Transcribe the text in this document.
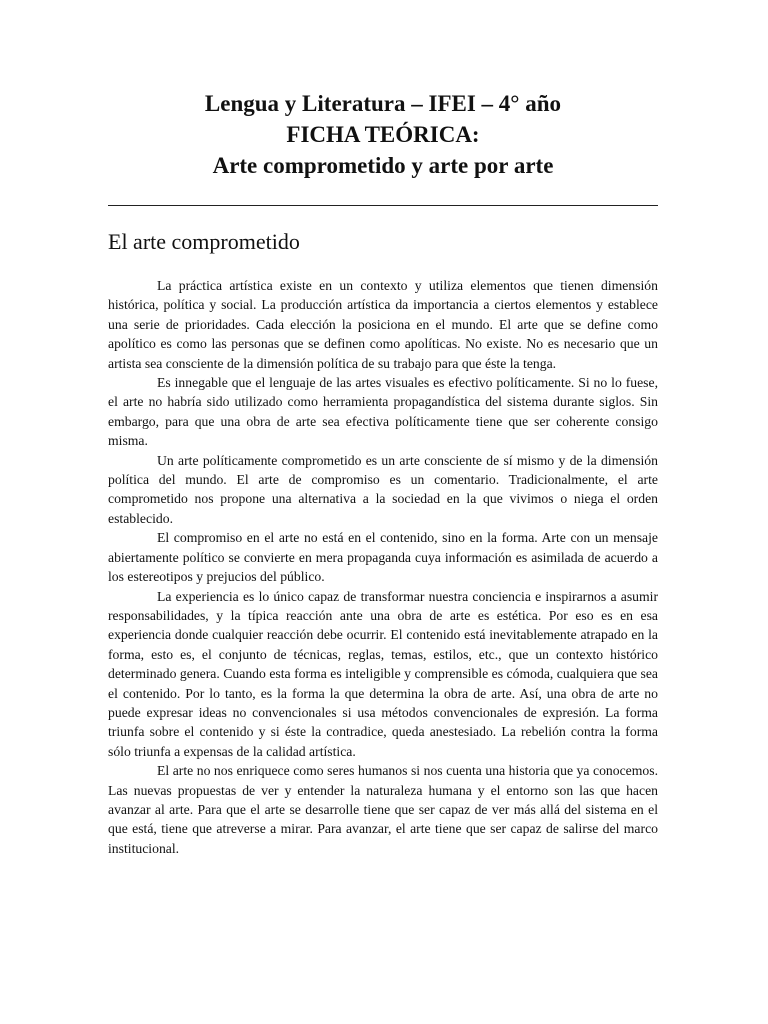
Lengua y Literatura – IFEI – 4° año
FICHA TEÓRICA:
Arte comprometido y arte por arte
El arte comprometido

La práctica artística existe en un contexto y utiliza elementos que tienen dimensión histórica, política y social. La producción artística da importancia a ciertos elementos y establece una serie de prioridades. Cada elección la posiciona en el mundo. El arte que se define como apolítico es como las personas que se definen como apolíticas. No existe. No es necesario que un artista sea consciente de la dimensión política de su trabajo para que éste la tenga.

Es innegable que el lenguaje de las artes visuales es efectivo políticamente. Si no lo fuese, el arte no habría sido utilizado como herramienta propagandística del sistema durante siglos. Sin embargo, para que una obra de arte sea efectiva políticamente tiene que ser coherente consigo misma.

Un arte políticamente comprometido es un arte consciente de sí mismo y de la dimensión política del mundo. El arte de compromiso es un comentario. Tradicionalmente, el arte comprometido nos propone una alternativa a la sociedad en la que vivimos o niega el orden establecido.

El compromiso en el arte no está en el contenido, sino en la forma. Arte con un mensaje abiertamente político se convierte en mera propaganda cuya información es asimilada de acuerdo a los estereotipos y prejucios del público.

La experiencia es lo único capaz de transformar nuestra conciencia e inspirarnos a asumir responsabilidades, y la típica reacción ante una obra de arte es estética. Por eso es en esa experiencia donde cualquier reacción debe ocurrir. El contenido está inevitablemente atrapado en la forma, esto es, el conjunto de técnicas, reglas, temas, estilos, etc., que un contexto histórico determinado genera. Cuando esta forma es inteligible y comprensible es cómoda, cualquiera que sea el contenido. Por lo tanto, es la forma la que determina la obra de arte. Así, una obra de arte no puede expresar ideas no convencionales si usa métodos convencionales de expresión. La forma triunfa sobre el contenido y si éste la contradice, queda anestesiado. La rebelión contra la forma sólo triunfa a expensas de la calidad artística.

El arte no nos enriquece como seres humanos si nos cuenta una historia que ya conocemos. Las nuevas propuestas de ver y entender la naturaleza humana y el entorno son las que hacen avanzar al arte. Para que el arte se desarrolle tiene que ser capaz de ver más allá del sistema en el que está, tiene que atreverse a mirar. Para avanzar, el arte tiene que ser capaz de salirse del marco institucional.
